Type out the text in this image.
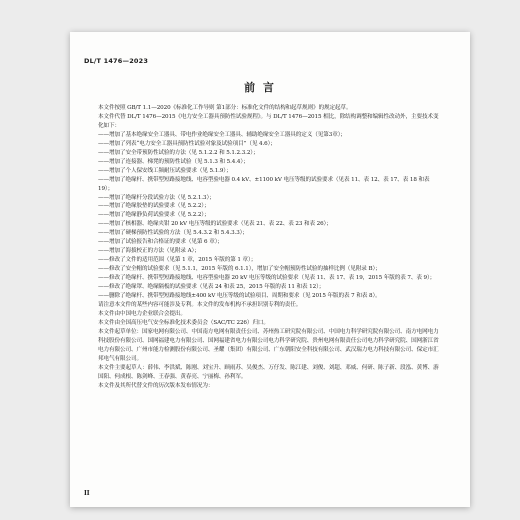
DL/T 1476—2023
前 言

本文件按照 GB/T 1.1—2020《标准化工作导则 第1部分：标准化文件的结构和起草规则》的规定起草。

本文件代替 DL/T 1476—2015《电力安全工器具预防性试验规程》。与 DL/T 1476—2015 相比，除结构调整和编辑性改动外，主要技术变化如下：

——增加了基本绝缘安全工器具、带电作业绝缘安全工器具、辅助绝缘安全工器具的定义（见第3章）；

——增加了列表“电力安全工器具预防性试验对象及试验项目”（见 4.6）；

——增加了安全带预防性试验的方法（见 5.1.2.2 和 5.1.2.3.2）；

——增加了连接器、梯凳的预防性试验（见 5.1.3 和 5.4.4）；

——增加了个人保安线工频耐压试验要求（见 5.1.9）；

——增加了绝缘杆、携带型短路接地线、电容型验电器 0.4 kV、±1100 kV 电压等级的试验要求（见表 11、表 12、表 17、表 18 和表 19）；

——增加了绝缘杆分段试验方法（见 5.2.1.3）；

——增加了绝缘胶垫的试验要求（见 5.2.2）；

——增加了绝缘静负荷试验要求（见 5.2.2）；

——增加了核相器、绝缘夹钳 20 kV 电压等级的试验要求（见表 21、表 22、表 23 和表 26）；

——增加了硬梯预防性试验的方法（见 5.4.3.2 和 5.4.3.3）；

——增加了试验报告和合格证的要求（见第 6 章）；

——增加了海拔校正的方法（见附录 A）；

——修改了文件的适用范围（见第 1 章，2015 年版的第 1 章）；

——修改了安全帽的试验要求（见 5.1.1，2015 年版的 6.1.1），增加了安全帽预防性试验的抽样比例（见附录 B）；

——修改了绝缘杆、携带型短路接地线、电容型验电器 20 kV 电压等级的试验要求（见表 11、表 17、表 19，2015 年版的表 7、表 9）；

——修改了绝缘罩、绝缘隔板的试验要求（见表 24 和表 25，2015 年版的表 11 和表 12）；

——删除了绝缘杆、携带型短路接地线±400 kV 电压等级的试验项目、周期和要求（见 2015 年版的表 7 和表 8）。

请注意本文件的某些内容可能涉及专利。本文件的发布机构不承担识别专利的责任。

本文件由中国电力企业联合会提出。

本文件由全国高压电气安全标准化技术委员会（SAC/TC 226）归口。

本文件起草单位：国家电网有限公司、中国南方电网有限责任公司、苏州热工研究院有限公司、中国电力科学研究院有限公司、南方电网电力科技股份有限公司、国网福建电力有限公司、国网福建省电力有限公司电力科学研究院、贵州电网有限责任公司电力科学研究院、国网浙江省电力有限公司、广州市能力检测股份有限公司、圣耀（集团）有限公司、广东朝阳安全科技有限公司、武汉瑞力电力科技有限公司、保定市汇邦电气有限公司。

本文件主要起草人：薛伟、李洪斌、陈刚、刘宝升、顾雨苏、吴俊杰、万仔发、陈江建、刘俊、刘超、邓威、何研、陈子新、段泓、黄博、游国阳、何成根、陈剑峰、王春强、黄春亮、宁丽梅、孙利军。

本文件及其所代替文件的历次版本发布情况为：

II
